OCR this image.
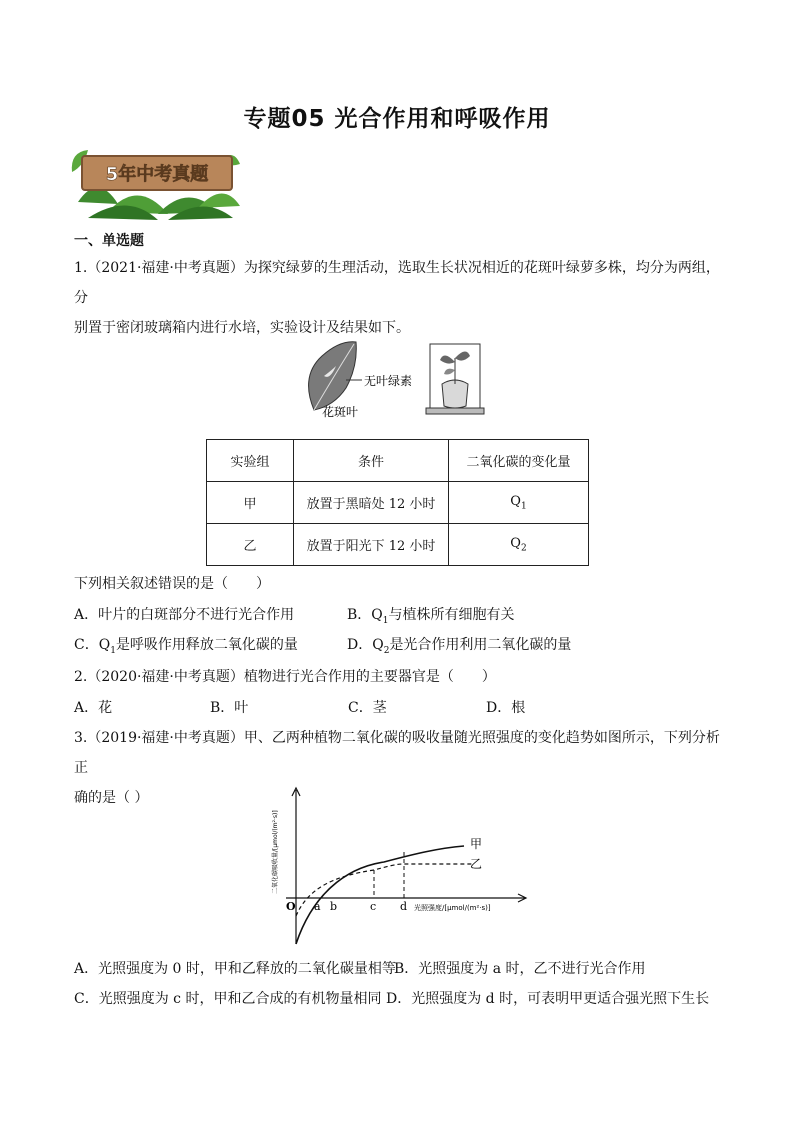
专题05 光合作用和呼吸作用
5年中考真题
一、单选题
1.（2021·福建·中考真题）为探究绿萝的生理活动，选取生长状况相近的花斑叶绿萝多株，均分为两组，分
别置于密闭玻璃箱内进行水培，实验设计及结果如下。
无叶绿素
花斑叶
实验组	条件	二氧化碳的变化量
甲	放置于黑暗处 12 小时	$Q_1$
乙	放置于阳光下 12 小时	$Q_2$
下列相关叙述错误的是（　　）
A．叶片的白斑部分不进行光合作用	B．$Q_1$与植株所有细胞有关
C．$Q_1$是呼吸作用释放二氧化碳的量	D．$Q_2$是光合作用利用二氧化碳的量
2.（2020·福建·中考真题）植物进行光合作用的主要器官是（　　）
A．花	B．叶	C．茎	D．根
3.（2019·福建·中考真题）甲、乙两种植物二氧化碳的吸收量随光照强度的变化趋势如图所示，下列分析正
确的是（ ）
O a b	c d
甲
乙
光照强度/[μmol/(m²·s)]
二氧化碳吸收量/[μmol/(m²·s)]
A．光照强度为 0 时，甲和乙释放的二氧化碳量相等
B．光照强度为 a 时，乙不进行光合作用
C．光照强度为 c 时，甲和乙合成的有机物量相同 D．光照强度为 d 时，可表明甲更适合强光照下生长
